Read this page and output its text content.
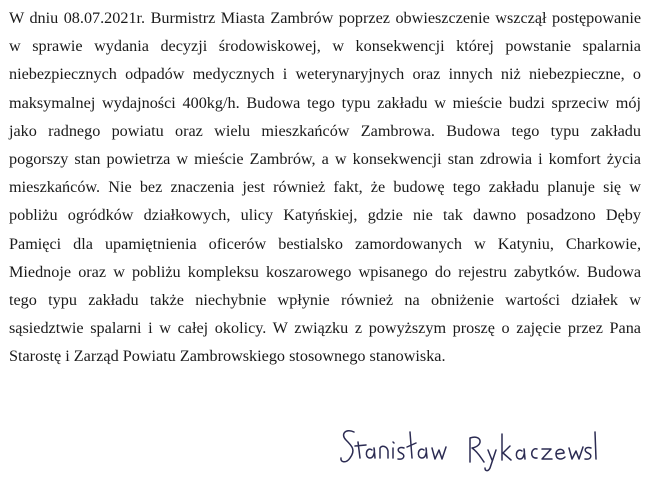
W dniu 08.07.2021r. Burmistrz Miasta Zambrów poprzez obwieszczenie wszczął postępowanie
w sprawie wydania decyzji środowiskowej, w konsekwencji której powstanie spalarnia
niebezpiecznych odpadów medycznych i weterynaryjnych oraz innych niż niebezpieczne, o
maksymalnej wydajności 400kg/h. Budowa tego typu zakładu w mieście budzi sprzeciw mój
jako radnego powiatu oraz wielu mieszkańców Zambrowa. Budowa tego typu zakładu
pogorszy stan powietrza w mieście Zambrów, a w konsekwencji stan zdrowia i komfort życia
mieszkańców. Nie bez znaczenia jest również fakt, że budowę tego zakładu planuje się w
pobliżu ogródków działkowych, ulicy Katyńskiej, gdzie nie tak dawno posadzono Dęby
Pamięci dla upamiętnienia oficerów bestialsko zamordowanych w Katyniu, Charkowie,
Miednoje oraz w pobliżu kompleksu koszarowego wpisanego do rejestru zabytków. Budowa
tego typu zakładu także niechybnie wpłynie również na obniżenie wartości działek w
sąsiedztwie spalarni i w całej okolicy. W związku z powyższym proszę o zajęcie przez Pana
Starostę i Zarząd Powiatu Zambrowskiego stosownego stanowiska.
